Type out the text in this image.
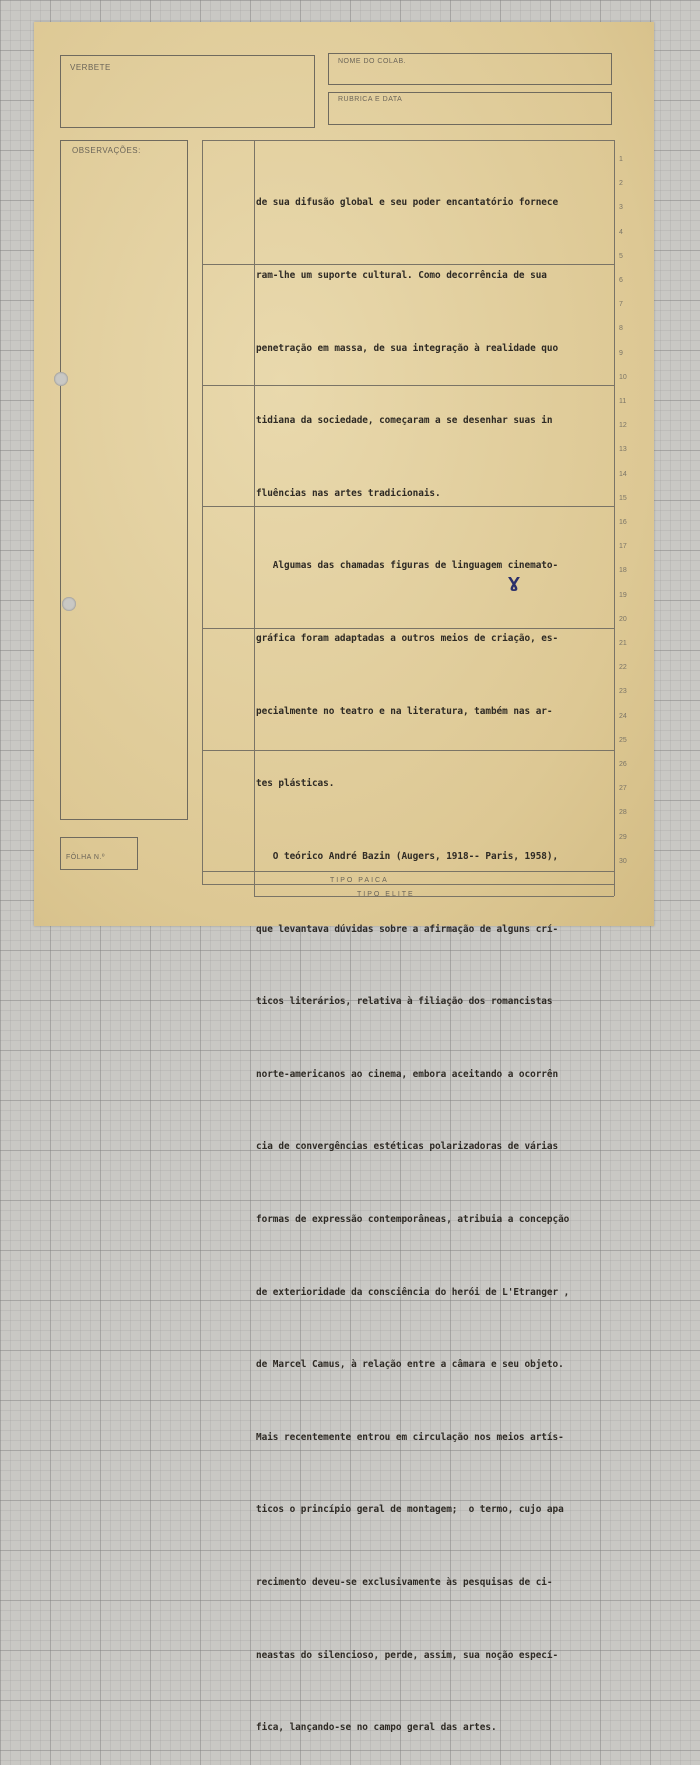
VERBETE
NOME DO COLAB.
RUBRICA E DATA
OBSERVAÇÕES:
FÔLHA N.º
TIPO PAICA
TIPO ELITE

de sua difusão global e seu poder encantatório fornece

ram-lhe um suporte cultural. Como decorrência de sua

penetração em massa, de sua integração à realidade quo

tidiana da sociedade, começaram a se desenhar suas in

fluências nas artes tradicionais.

Algumas das chamadas figuras de linguagem cinemato-

gráfica foram adaptadas a outros meios de criação, es-

pecialmente no teatro e na literatura, também nas ar-

tes plásticas.

O teórico André Bazin (Augers, 1918-- Paris, 1958),

que levantava dúvidas sobre a afirmação de alguns crí-

ticos literários, relativa à filiação dos romancistas

norte-americanos ao cinema, embora aceitando a ocorrên

cia de convergências estéticas polarizadoras de várias

formas de expressão contemporâneas, atribuia a concepção

de exterioridade da consciência do herói de L'Etranger ,

de Marcel Camus, à relação entre a câmara e seu objeto.

Mais recentemente entrou em circulação nos meios artís-

ticos o princípio geral de montagem;  o termo, cujo apa

recimento deveu-se exclusivamente às pesquisas de ci-

neastas do silencioso, perde, assim, sua noção especí-

fica, lançando-se no campo geral das artes.

Ɣ
1
2
3
4
5
6
7
8
9
10
11
12
13
14
15
16
17
18
19
20
21
22
23
24
25
26
27
28
29
30
